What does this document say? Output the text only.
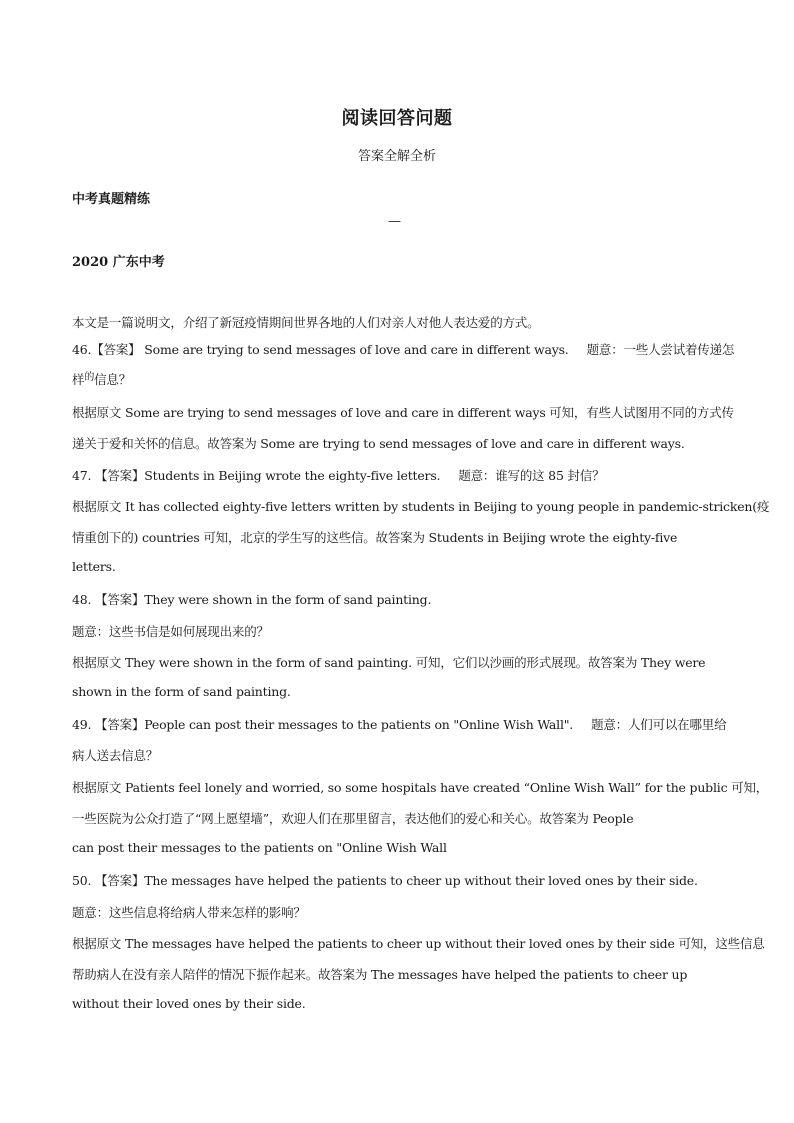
阅读回答问题
答案全解全析
中考真题精练
—
2020 广东中考
本文是一篇说明文，介绍了新冠疫情期间世界各地的人们对亲人对他人表达爱的方式。
46.【答案】 Some are trying to send messages of love and care in different ways. 题意：一些人尝试着传递怎
样$^的$信息？
根据原文 Some are trying to send messages of love and care in different ways 可知，有些人试图用不同的方式传
递关于爱和关怀的信息。故答案为 Some are trying to send messages of love and care in different ways.
47. 【答案】Students in Beijing wrote the eighty-five letters. 题意：谁写的这 85 封信？
根据原文 It has collected eighty-five letters written by students in Beijing to young people in pandemic-stricken(疫
情重创下的) countries 可知，北京的学生写的这些信。故答案为 Students in Beijing wrote the eighty-five
letters.
48. 【答案】They were shown in the form of sand painting.
题意：这些书信是如何展现出来的？
根据原文 They were shown in the form of sand painting. 可知，它们以沙画的形式展现。故答案为 They were
shown in the form of sand painting.
49. 【答案】People can post their messages to the patients on "Online Wish Wall". 题意：人们可以在哪里给
病人送去信息？
根据原文 Patients feel lonely and worried, so some hospitals have created “Online Wish Wall” for the public 可知，
一些医院为公众打造了“网上愿望墙”，欢迎人们在那里留言，表达他们的爱心和关心。故答案为 People
can post their messages to the patients on "Online Wish Wall
50. 【答案】The messages have helped the patients to cheer up without their loved ones by their side.
题意：这些信息将给病人带来怎样的影响？
根据原文 The messages have helped the patients to cheer up without their loved ones by their side 可知，这些信息
帮助病人在没有亲人陪伴的情况下振作起来。故答案为 The messages have helped the patients to cheer up
without their loved ones by their side.
